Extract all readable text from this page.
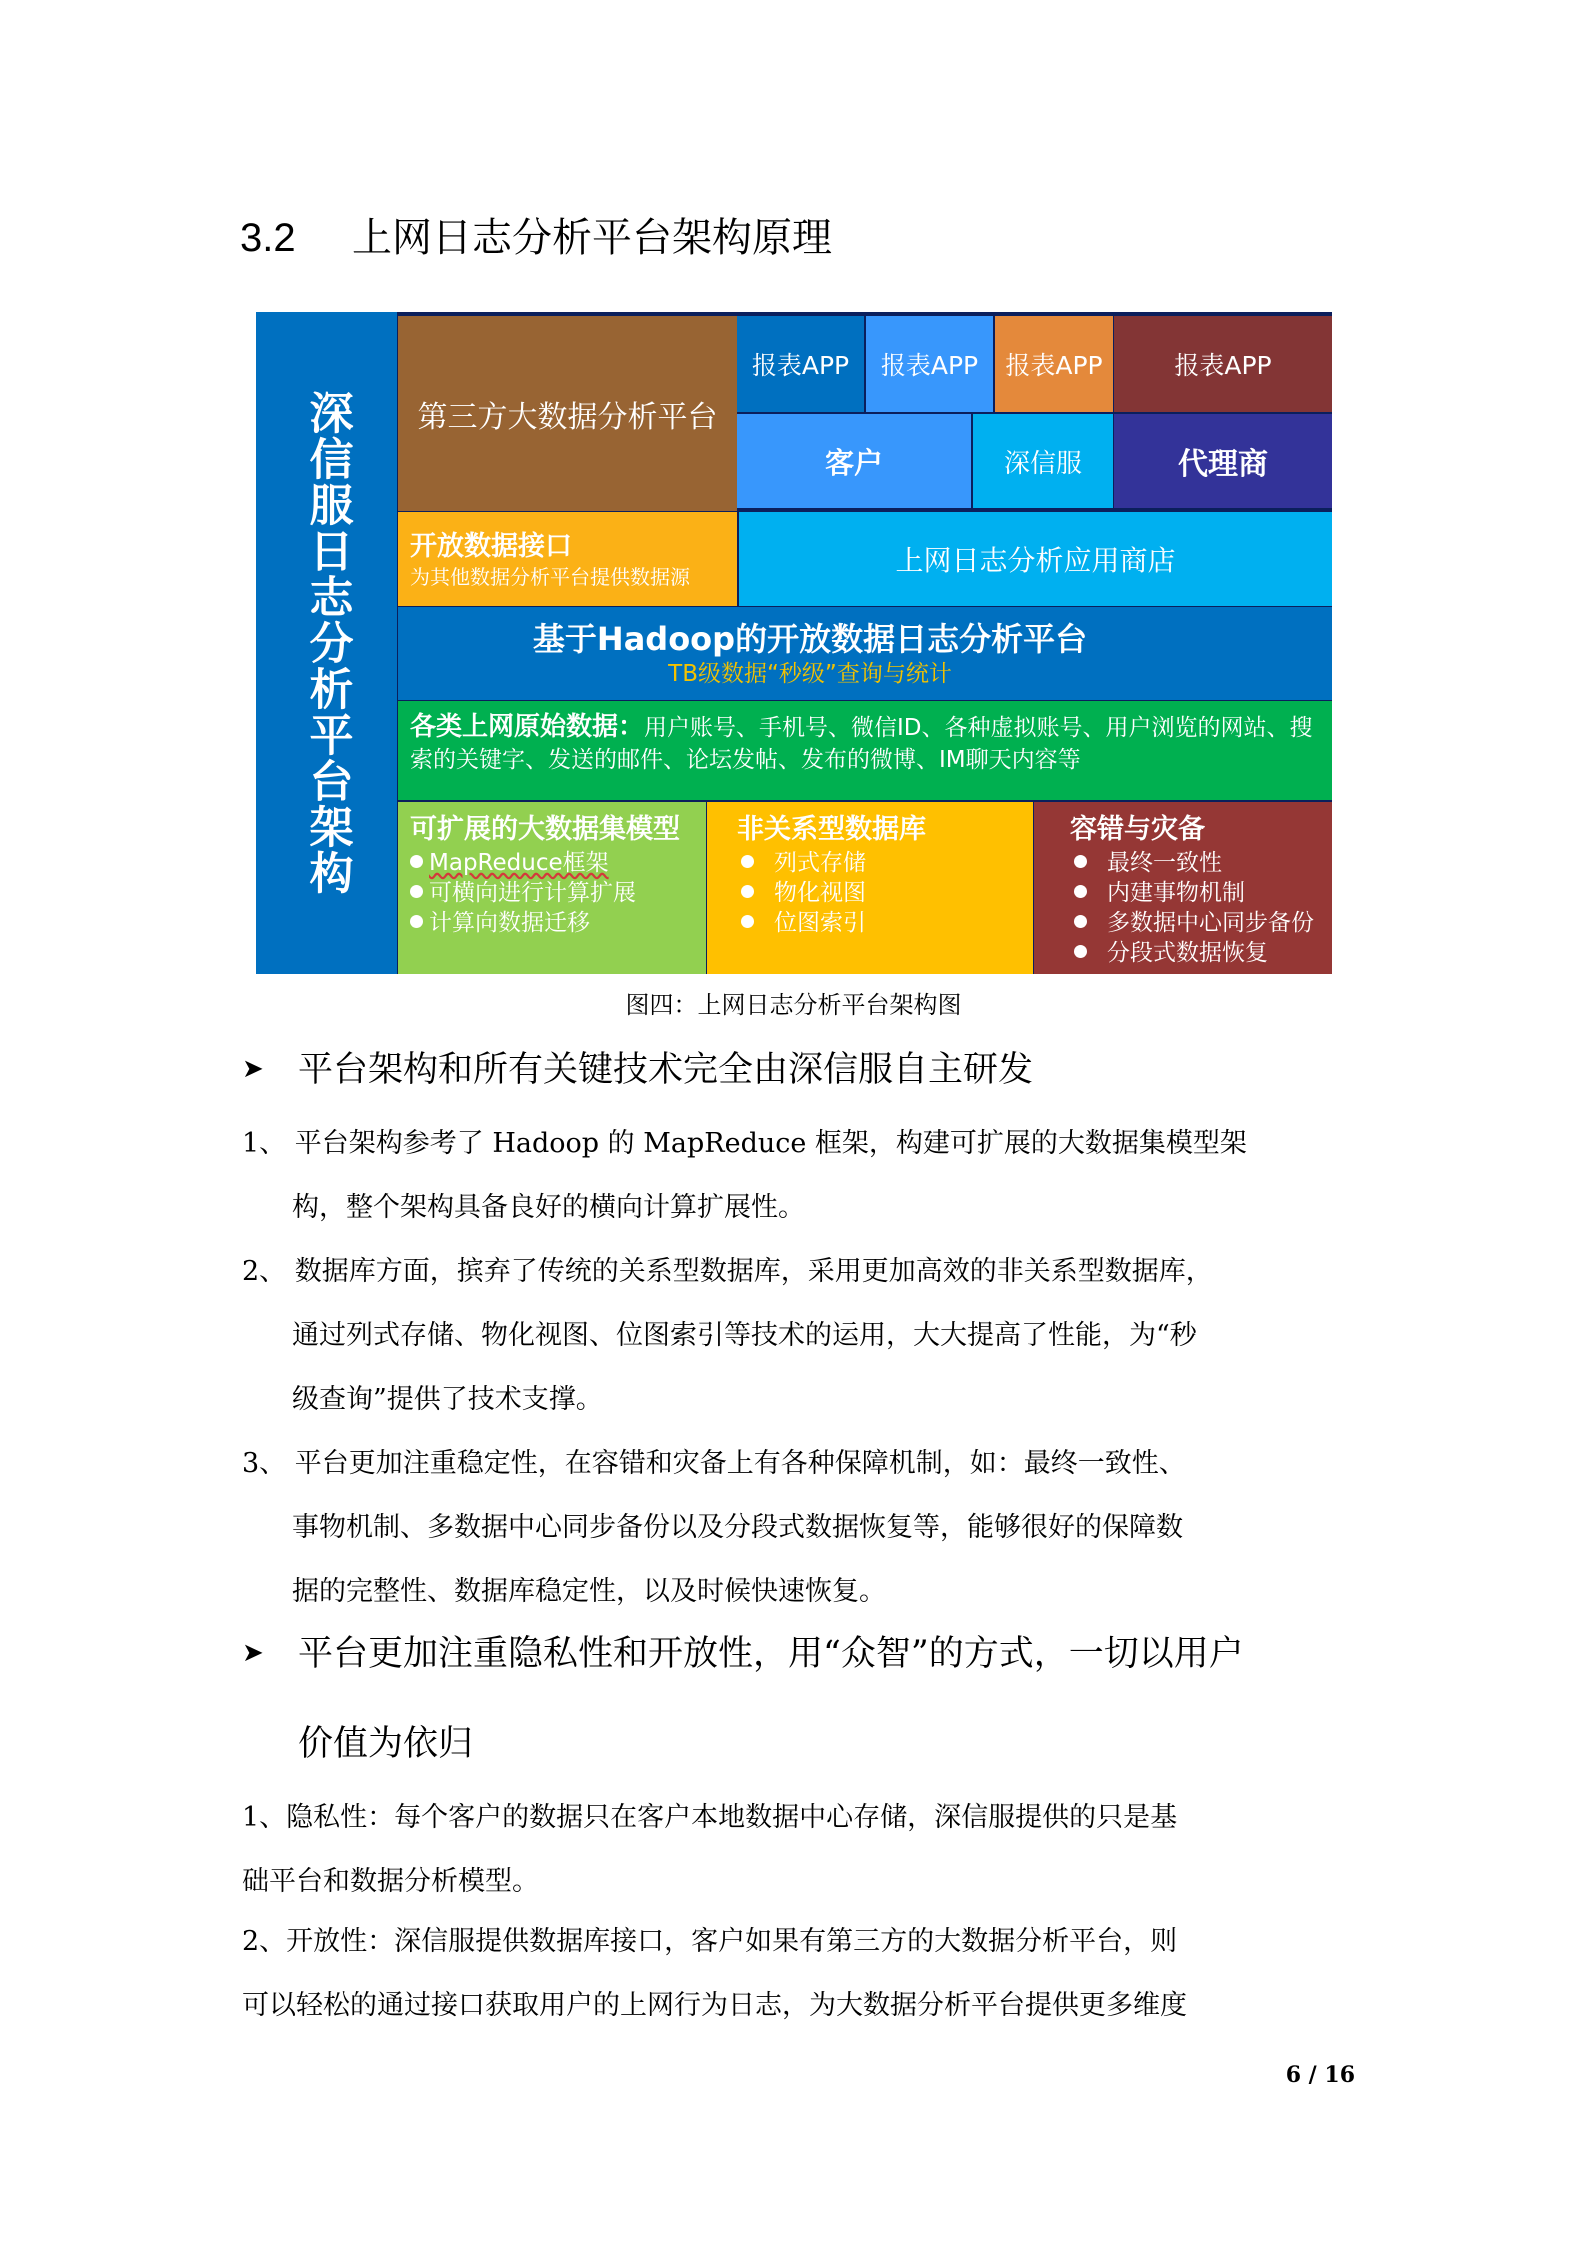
3.2 上网日志分析平台架构原理
深信服日志分析平台架构	第三方大数据分析平台
报表APP	报表APP	报表APP	报表APP
客户	深信服	代理商
开放数据接口
为其他数据分析平台提供数据源	上网日志分析应用商店
基于Hadoop的开放数据日志分析平台
TB级数据“秒级”查询与统计
各类上网原始数据：用户账号、手机号、微信ID、各种虚拟账号、用户浏览的网站、搜索的关键字、发送的邮件、论坛发帖、发布的微博、IM聊天内容等
可扩展的大数据集模型
MapReduce框架
可横向进行计算扩展
计算向数据迁移
非关系型数据库
列式存储
物化视图
位图索引
容错与灾备
最终一致性
内建事物机制
多数据中心同步备份
分段式数据恢复
图四：上网日志分析平台架构图
➤ 平台架构和所有关键技术完全由深信服自主研发
1、 平台架构参考了 Hadoop 的 MapReduce 框架，构建可扩展的大数据集模型架
构，整个架构具备良好的横向计算扩展性。
2、 数据库方面，摈弃了传统的关系型数据库，采用更加高效的非关系型数据库，
通过列式存储、物化视图、位图索引等技术的运用，大大提高了性能，为“秒
级查询”提供了技术支撑。
3、 平台更加注重稳定性，在容错和灾备上有各种保障机制，如：最终一致性、
事物机制、多数据中心同步备份以及分段式数据恢复等，能够很好的保障数
据的完整性、数据库稳定性，以及时候快速恢复。
➤ 平台更加注重隐私性和开放性，用“众智”的方式，一切以用户
价值为依归
1、隐私性：每个客户的数据只在客户本地数据中心存储，深信服提供的只是基
础平台和数据分析模型。
2、开放性：深信服提供数据库接口，客户如果有第三方的大数据分析平台，则
可以轻松的通过接口获取用户的上网行为日志，为大数据分析平台提供更多维度
6 / 16
